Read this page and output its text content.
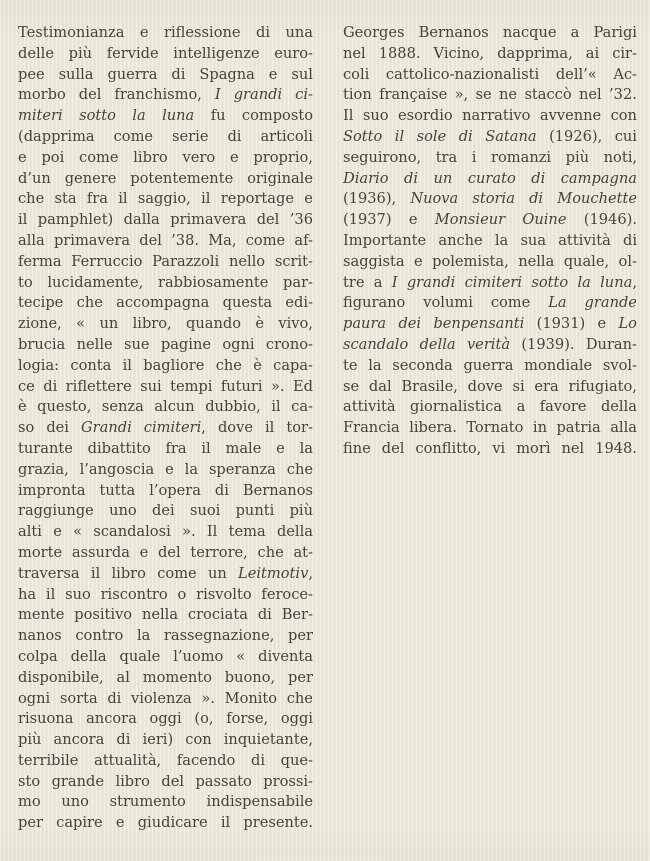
Testimonianza e riflessione di una
delle più fervide intelligenze euro-
pee sulla guerra di Spagna e sul
morbo del franchismo, I grandi ci-
miteri sotto la luna fu composto
(dapprima come serie di articoli
e poi come libro vero e proprio,
d’un genere potentemente originale
che sta fra il saggio, il reportage e
il pamphlet) dalla primavera del ’36
alla primavera del ’38. Ma, come af-
ferma Ferruccio Parazzoli nello scrit-
to lucidamente, rabbiosamente par-
tecipe che accompagna questa edi-
zione, « un libro, quando è vivo,
brucia nelle sue pagine ogni crono-
logia: conta il bagliore che è capa-
ce di riflettere sui tempi futuri ». Ed
è questo, senza alcun dubbio, il ca-
so dei Grandi cimiteri, dove il tor-
turante dibattito fra il male e la
grazia, l’angoscia e la speranza che
impronta tutta l’opera di Bernanos
raggiunge uno dei suoi punti più
alti e « scandalosi ». Il tema della
morte assurda e del terrore, che at-
traversa il libro come un Leitmotiv,
ha il suo riscontro o risvolto feroce-
mente positivo nella crociata di Ber-
nanos contro la rassegnazione, per
colpa della quale l’uomo « diventa
disponibile, al momento buono, per
ogni sorta di violenza ». Monito che
risuona ancora oggi (o, forse, oggi
più ancora di ieri) con inquietante,
terribile attualità, facendo di que-
sto grande libro del passato prossi-
mo uno strumento indispensabile
per capire e giudicare il presente.
Georges Bernanos nacque a Parigi
nel 1888. Vicino, dapprima, ai cir-
coli cattolico-nazionalisti dell’« Ac-
tion française », se ne staccò nel ’32.
Il suo esordio narrativo avvenne con
Sotto il sole di Satana (1926), cui
seguirono, tra i romanzi più noti,
Diario di un curato di campagna
(1936), Nuova storia di Mouchette
(1937) e Monsieur Ouine (1946).
Importante anche la sua attività di
saggista e polemista, nella quale, ol-
tre a I grandi cimiteri sotto la luna,
figurano volumi come La grande
paura dei benpensanti (1931) e Lo
scandalo della verità (1939). Duran-
te la seconda guerra mondiale svol-
se dal Brasile, dove si era rifugiato,
attività giornalistica a favore della
Francia libera. Tornato in patria alla
fine del conflitto, vi morì nel 1948.
